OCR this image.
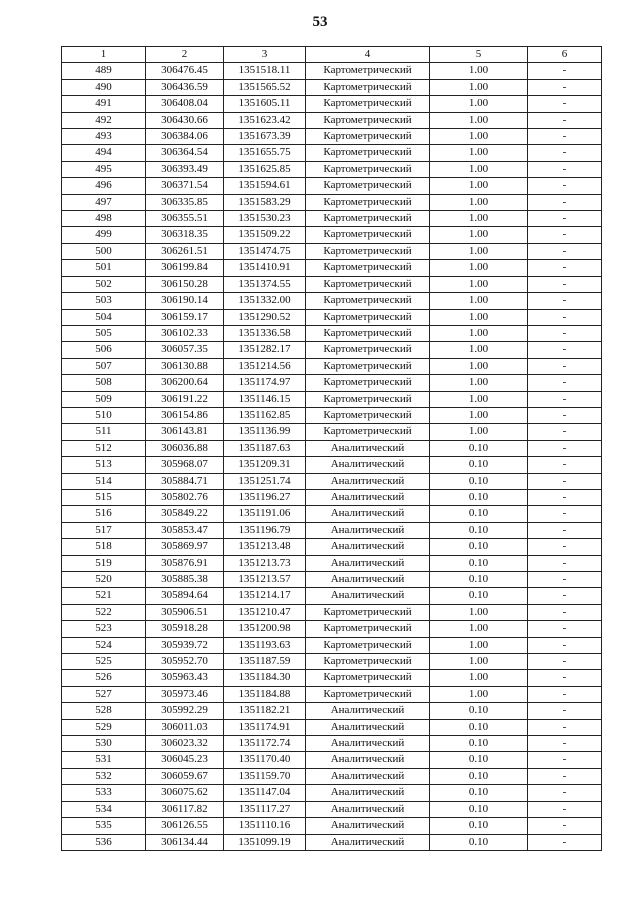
53
1	2	3	4	5	6
489	306476.45	1351518.11	Картометрический	1.00	-
490	306436.59	1351565.52	Картометрический	1.00	-
491	306408.04	1351605.11	Картометрический	1.00	-
492	306430.66	1351623.42	Картометрический	1.00	-
493	306384.06	1351673.39	Картометрический	1.00	-
494	306364.54	1351655.75	Картометрический	1.00	-
495	306393.49	1351625.85	Картометрический	1.00	-
496	306371.54	1351594.61	Картометрический	1.00	-
497	306335.85	1351583.29	Картометрический	1.00	-
498	306355.51	1351530.23	Картометрический	1.00	-
499	306318.35	1351509.22	Картометрический	1.00	-
500	306261.51	1351474.75	Картометрический	1.00	-
501	306199.84	1351410.91	Картометрический	1.00	-
502	306150.28	1351374.55	Картометрический	1.00	-
503	306190.14	1351332.00	Картометрический	1.00	-
504	306159.17	1351290.52	Картометрический	1.00	-
505	306102.33	1351336.58	Картометрический	1.00	-
506	306057.35	1351282.17	Картометрический	1.00	-
507	306130.88	1351214.56	Картометрический	1.00	-
508	306200.64	1351174.97	Картометрический	1.00	-
509	306191.22	1351146.15	Картометрический	1.00	-
510	306154.86	1351162.85	Картометрический	1.00	-
511	306143.81	1351136.99	Картометрический	1.00	-
512	306036.88	1351187.63	Аналитический	0.10	-
513	305968.07	1351209.31	Аналитический	0.10	-
514	305884.71	1351251.74	Аналитический	0.10	-
515	305802.76	1351196.27	Аналитический	0.10	-
516	305849.22	1351191.06	Аналитический	0.10	-
517	305853.47	1351196.79	Аналитический	0.10	-
518	305869.97	1351213.48	Аналитический	0.10	-
519	305876.91	1351213.73	Аналитический	0.10	-
520	305885.38	1351213.57	Аналитический	0.10	-
521	305894.64	1351214.17	Аналитический	0.10	-
522	305906.51	1351210.47	Картометрический	1.00	-
523	305918.28	1351200.98	Картометрический	1.00	-
524	305939.72	1351193.63	Картометрический	1.00	-
525	305952.70	1351187.59	Картометрический	1.00	-
526	305963.43	1351184.30	Картометрический	1.00	-
527	305973.46	1351184.88	Картометрический	1.00	-
528	305992.29	1351182.21	Аналитический	0.10	-
529	306011.03	1351174.91	Аналитический	0.10	-
530	306023.32	1351172.74	Аналитический	0.10	-
531	306045.23	1351170.40	Аналитический	0.10	-
532	306059.67	1351159.70	Аналитический	0.10	-
533	306075.62	1351147.04	Аналитический	0.10	-
534	306117.82	1351117.27	Аналитический	0.10	-
535	306126.55	1351110.16	Аналитический	0.10	-
536	306134.44	1351099.19	Аналитический	0.10	-
